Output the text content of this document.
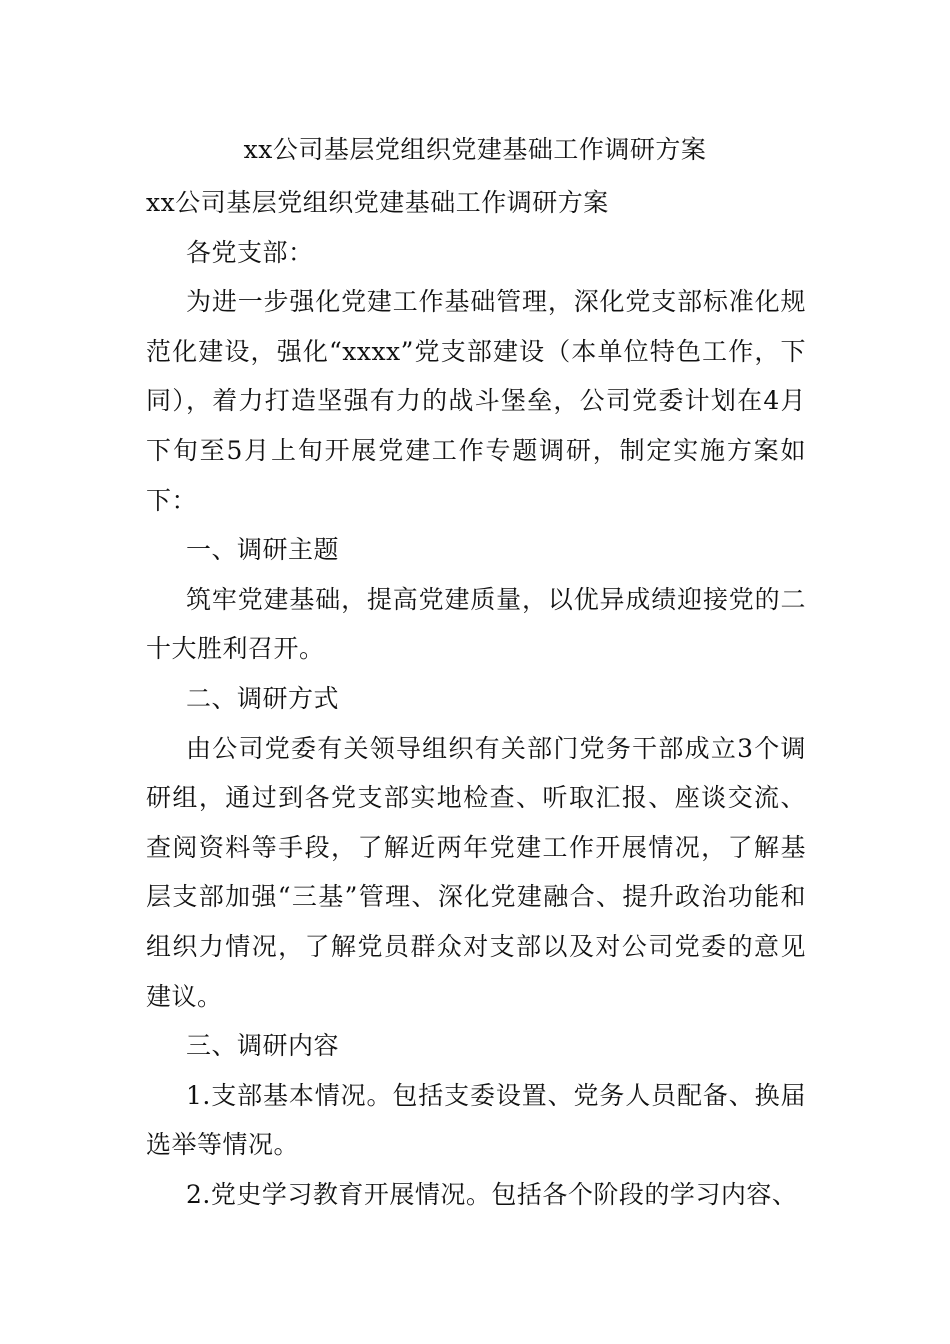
xx公司基层党组织党建基础工作调研方案

xx公司基层党组织党建基础工作调研方案

各党支部：

为进一步强化党建工作基础管理，深化党支部标准化规范化建设，强化“xxxx”党支部建设（本单位特色工作，下同），着力打造坚强有力的战斗堡垒，公司党委计划在4月下旬至5月上旬开展党建工作专题调研，制定实施方案如下：

一、调研主题

筑牢党建基础，提高党建质量，以优异成绩迎接党的二十大胜利召开。

二、调研方式

由公司党委有关领导组织有关部门党务干部成立3个调研组，通过到各党支部实地检查、听取汇报、座谈交流、查阅资料等手段，了解近两年党建工作开展情况，了解基层支部加强“三基”管理、深化党建融合、提升政治功能和组织力情况，了解党员群众对支部以及对公司党委的意见建议。

三、调研内容

1.支部基本情况。包括支委设置、党务人员配备、换届选举等情况。

2.党史学习教育开展情况。包括各个阶段的学习内容、
